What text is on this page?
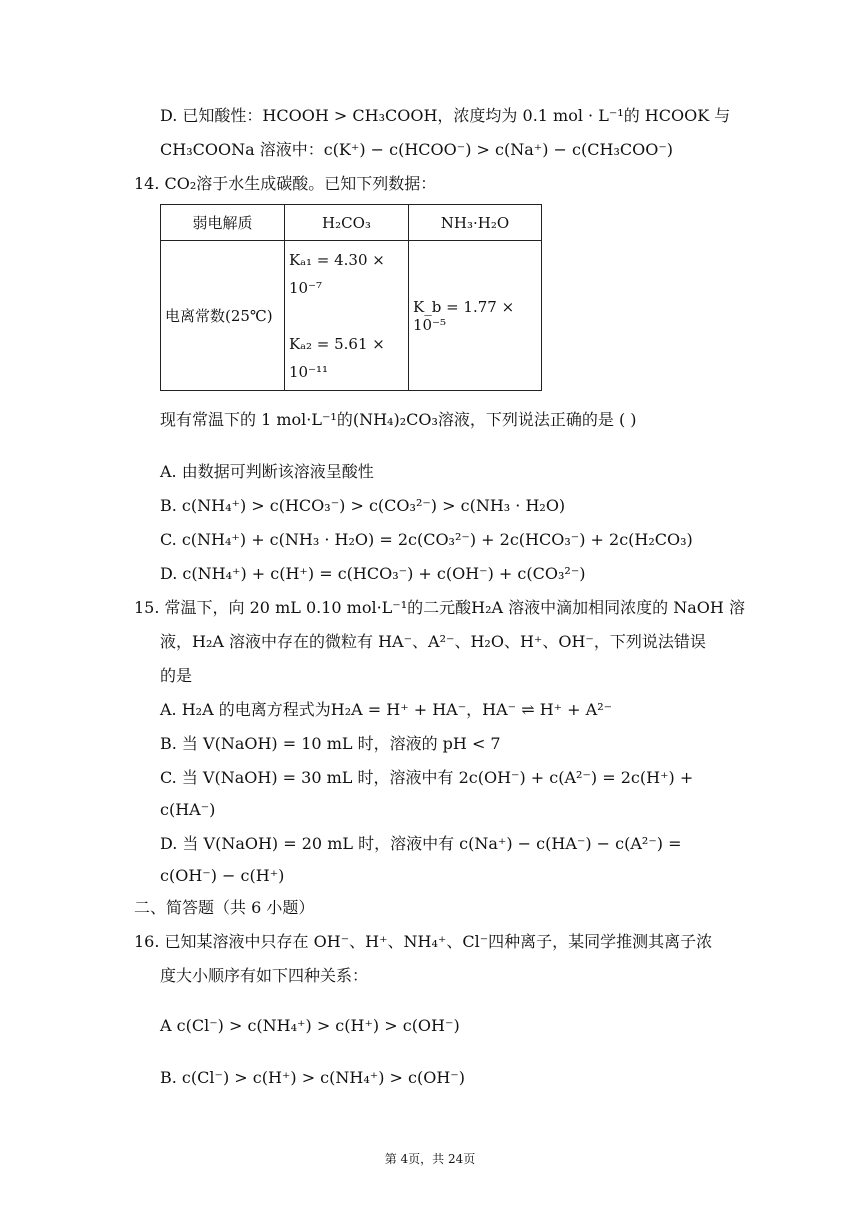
D. 已知酸性：HCOOH > CH₃COOH，浓度均为 0.1 mol · L⁻¹的 HCOOK 与
CH₃COONa 溶液中：c(K⁺) − c(HCOO⁻) > c(Na⁺) − c(CH₃COO⁻)
14. CO₂溶于水生成碳酸。已知下列数据：
弱电解质	H₂CO₃	NH₃·H₂O
电离常数(25℃)	Kₐ₁ = 4.30 ×
10⁻⁷
Kₐ₂ = 5.61 ×
10⁻¹¹	K_b = 1.77 × 10⁻⁵
现有常温下的 1 mol·L⁻¹的(NH₄)₂CO₃溶液，下列说法正确的是 ( )
A. 由数据可判断该溶液呈酸性
B. c(NH₄⁺) > c(HCO₃⁻) > c(CO₃²⁻) > c(NH₃ · H₂O)
C. c(NH₄⁺) + c(NH₃ · H₂O) = 2c(CO₃²⁻) + 2c(HCO₃⁻) + 2c(H₂CO₃)
D. c(NH₄⁺) + c(H⁺) = c(HCO₃⁻) + c(OH⁻) + c(CO₃²⁻)
15. 常温下，向 20 mL 0.10 mol·L⁻¹的二元酸H₂A 溶液中滴加相同浓度的 NaOH 溶
液，H₂A 溶液中存在的微粒有 HA⁻、A²⁻、H₂O、H⁺、OH⁻，下列说法错误
的是
A. H₂A 的电离方程式为H₂A = H⁺ + HA⁻，HA⁻ ⇌ H⁺ + A²⁻
B. 当 V(NaOH) = 10 mL 时，溶液的 pH < 7
C. 当 V(NaOH) = 30 mL 时，溶液中有 2c(OH⁻) + c(A²⁻) = 2c(H⁺) +
c(HA⁻)
D. 当 V(NaOH) = 20 mL 时，溶液中有 c(Na⁺) − c(HA⁻) − c(A²⁻) =
c(OH⁻) − c(H⁺)
二、简答题（共 6 小题）
16. 已知某溶液中只存在 OH⁻、H⁺、NH₄⁺、Cl⁻四种离子，某同学推测其离子浓
度大小顺序有如下四种关系：
A c(Cl⁻) > c(NH₄⁺) > c(H⁺) > c(OH⁻)
B. c(Cl⁻) > c(H⁺) > c(NH₄⁺) > c(OH⁻)
第 4页，共 24页
